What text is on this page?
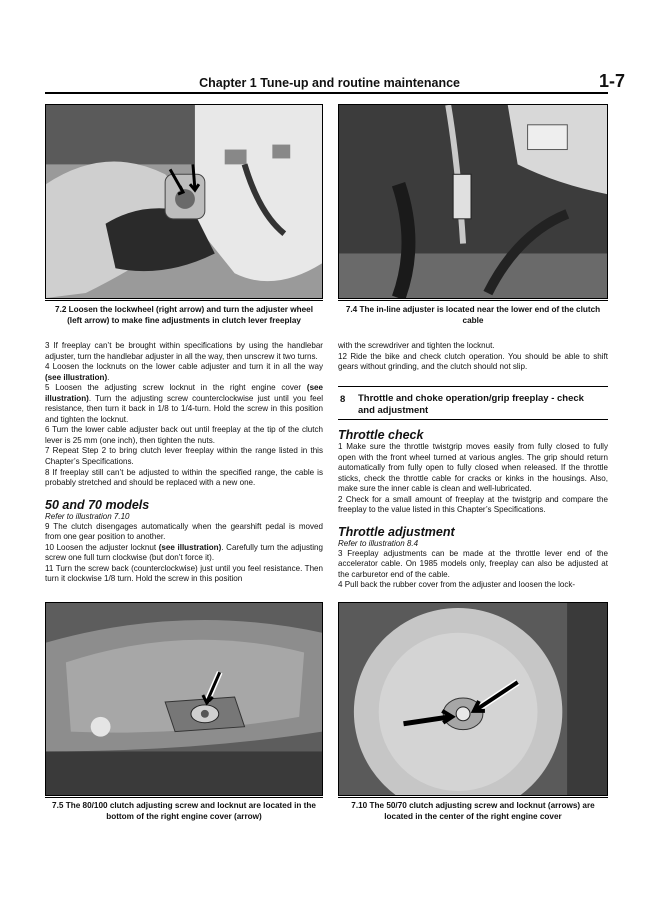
Chapter 1 Tune-up and routine maintenance	1-7
7.2 Loosen the lockwheel (right arrow) and turn the adjuster wheel (left arrow) to make fine adjustments in clutch lever freeplay
7.4 The in-line adjuster is located near the lower end of the clutch cable

3 If freeplay can’t be brought within specifications by using the handlebar adjuster, turn the handlebar adjuster in all the way, then unscrew it two turns.

4 Loosen the locknuts on the lower cable adjuster and turn it in all the way (see illustration).

5 Loosen the adjusting screw locknut in the right engine cover (see illustration). Turn the adjusting screw counterclockwise just until you feel resistance, then turn it back in 1/8 to 1/4-turn. Hold the screw in this position and tighten the locknut.

6 Turn the lower cable adjuster back out until freeplay at the tip of the clutch lever is 25 mm (one inch), then tighten the nuts.

7 Repeat Step 2 to bring clutch lever freeplay within the range listed in this Chapter’s Specifications.

8 If freeplay still can’t be adjusted to within the specified range, the cable is probably stretched and should be replaced with a new one.

50 and 70 models

Refer to illustration 7.10

9 The clutch disengages automatically when the gearshift pedal is moved from one gear position to another.

10 Loosen the adjuster locknut (see illustration). Carefully turn the adjusting screw one full turn clockwise (but don’t force it).

11 Turn the screw back (counterclockwise) just until you feel resistance. Then turn it clockwise 1/8 turn. Hold the screw in this position

with the screwdriver and tighten the locknut.

12 Ride the bike and check clutch operation. You should be able to shift gears without grinding, and the clutch should not slip.

8 Throttle and choke operation/grip freeplay - check and adjustment

Throttle check

1 Make sure the throttle twistgrip moves easily from fully closed to fully open with the front wheel turned at various angles. The grip should return automatically from fully open to fully closed when released. If the throttle sticks, check the throttle cable for cracks or kinks in the housings. Also, make sure the inner cable is clean and well-lubricated.

2 Check for a small amount of freeplay at the twistgrip and compare the freeplay to the value listed in this Chapter’s Specifications.

Throttle adjustment

Refer to illustration 8.4

3 Freeplay adjustments can be made at the throttle lever end of the accelerator cable. On 1985 models only, freeplay can also be adjusted at the carburetor end of the cable.

4 Pull back the rubber cover from the adjuster and loosen the lock-

7.5 The 80/100 clutch adjusting screw and locknut are located in the bottom of the right engine cover (arrow)
7.10 The 50/70 clutch adjusting screw and locknut (arrows) are located in the center of the right engine cover
